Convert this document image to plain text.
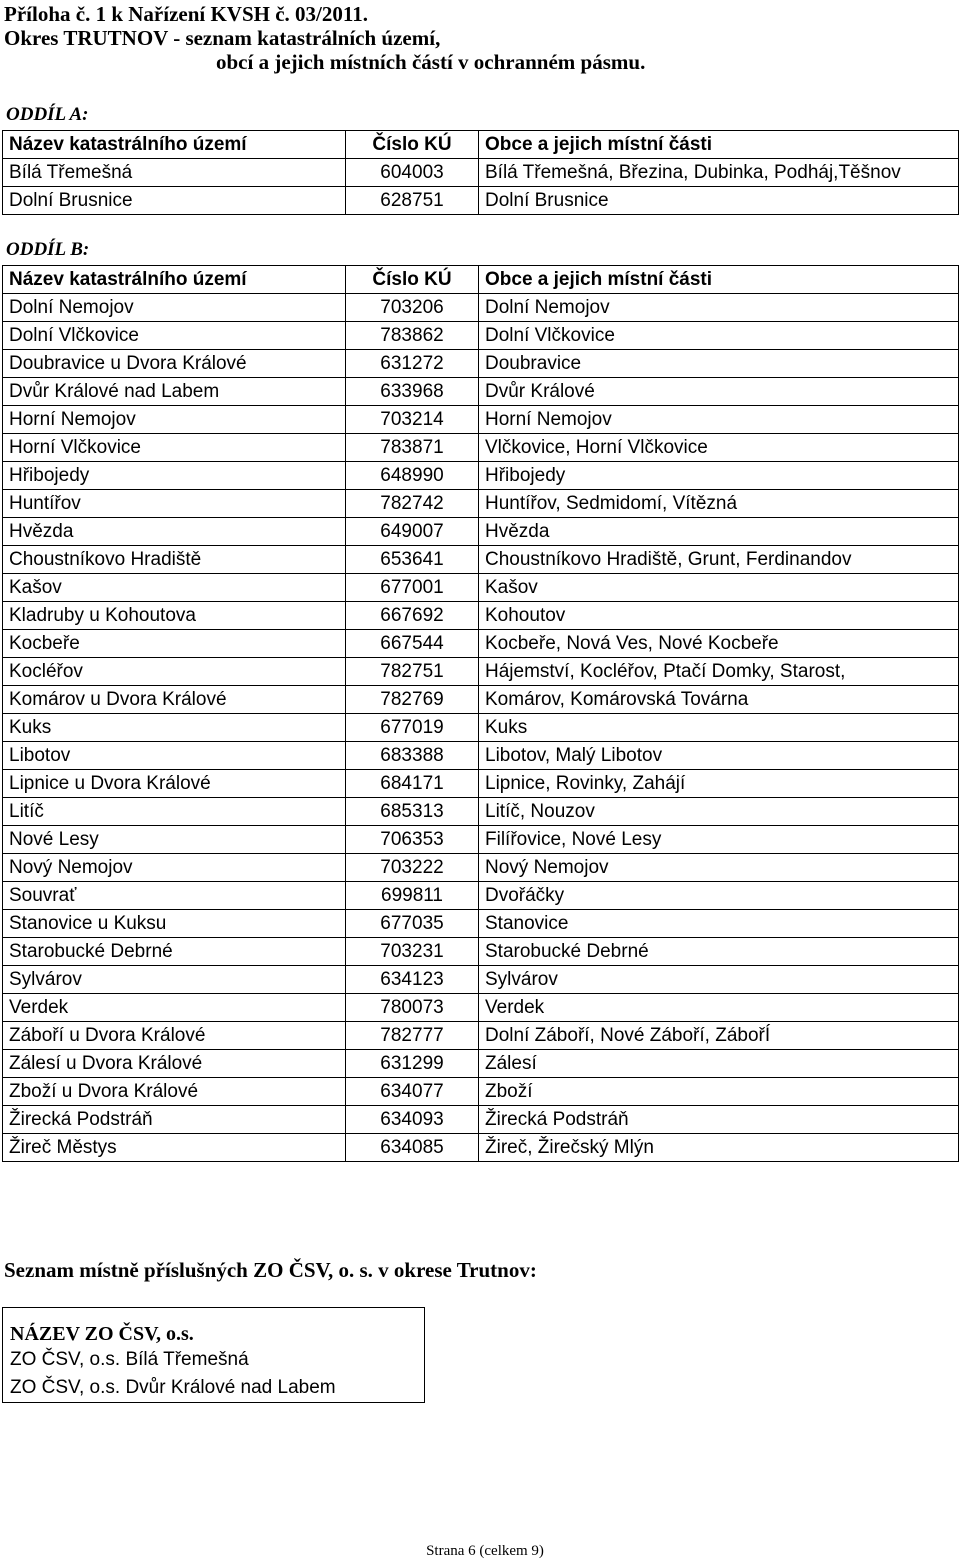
Příloha č. 1 k Nařízení KVSH č. 03/2011.
Okres TRUTNOV - seznam katastrálních území,
obcí a jejich místních částí v ochranném pásmu.
ODDÍL A:
Název katastrálního území	Číslo KÚ	Obce a jejich místní části
Bílá Třemešná	604003	Bílá Třemešná, Březina, Dubinka, Podháj,Těšnov
Dolní Brusnice	628751	Dolní Brusnice
ODDÍL B:
Název katastrálního území	Číslo KÚ	Obce a jejich místní části
Dolní Nemojov	703206	Dolní Nemojov
Dolní Vlčkovice	783862	Dolní Vlčkovice
Doubravice u Dvora Králové	631272	Doubravice
Dvůr Králové nad Labem	633968	Dvůr Králové
Horní Nemojov	703214	Horní Nemojov
Horní Vlčkovice	783871	Vlčkovice, Horní Vlčkovice
Hřibojedy	648990	Hřibojedy
Huntířov	782742	Huntířov, Sedmidomí, Vítězná
Hvězda	649007	Hvězda
Choustníkovo Hradiště	653641	Choustníkovo Hradiště, Grunt, Ferdinandov
Kašov	677001	Kašov
Kladruby u Kohoutova	667692	Kohoutov
Kocbeře	667544	Kocbeře, Nová Ves, Nové Kocbeře
Kocléřov	782751	Hájemství, Kocléřov, Ptačí Domky, Starost,
Komárov u Dvora Králové	782769	Komárov, Komárovská Továrna
Kuks	677019	Kuks
Libotov	683388	Libotov, Malý Libotov
Lipnice u Dvora Králové	684171	Lipnice, Rovinky, Zahájí
Litíč	685313	Litíč, Nouzov
Nové Lesy	706353	Filířovice, Nové Lesy
Nový Nemojov	703222	Nový Nemojov
Souvrať	699811	Dvořáčky
Stanovice u Kuksu	677035	Stanovice
Starobucké Debrné	703231	Starobucké Debrné
Sylvárov	634123	Sylvárov
Verdek	780073	Verdek
Záboří u Dvora Králové	782777	Dolní Záboří, Nové Záboří, ZábořÍ
Zálesí u Dvora Králové	631299	Zálesí
Zboží u Dvora Králové	634077	Zboží
Žirecká Podstráň	634093	Žirecká Podstráň
Žireč Městys	634085	Žireč, Žirečský Mlýn
Seznam místně příslušných ZO ČSV, o. s. v okrese Trutnov:
NÁZEV ZO ČSV, o.s.
ZO ČSV, o.s. Bílá Třemešná
ZO ČSV, o.s. Dvůr Králové nad Labem
Strana 6 (celkem 9)
